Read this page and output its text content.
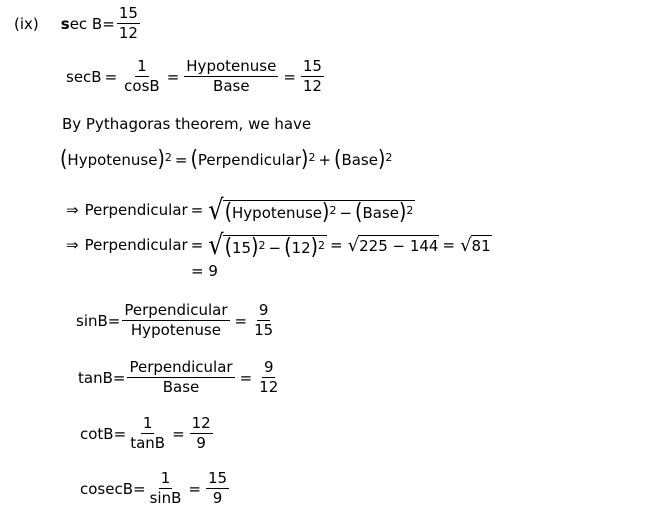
(ix) s ec $B = \frac{15}{12}$
$\sec B = \frac{1}{\cos B} = \frac{\text{Hypotenuse}}{\text{Base}} = \frac{15}{12}$
By Pythagoras theorem, we have
( Hypotenuse )$^2$ = ( Perpendicular )$^2$ + ( Base )$^2$
⇒ Perpendicular = √ ( Hypotenuse )$^2$ − ( Base )$^2$
⇒ Perpendicular = √ ( 15 )$^2$ − ( 12 )$^2$ = √ 225 − 144 = √ 81
= 9
$\sin B = \frac{\text{Perpendicular}}{\text{Hypotenuse}} = \frac{9}{15}$
$\tan B = \frac{\text{Perpendicular}}{\text{Base}} = \frac{9}{12}$
$\cot B = \frac{1}{\tan B} = \frac{12}{9}$
$cosecB = \frac{1}{\sin B} = \frac{15}{9}$
